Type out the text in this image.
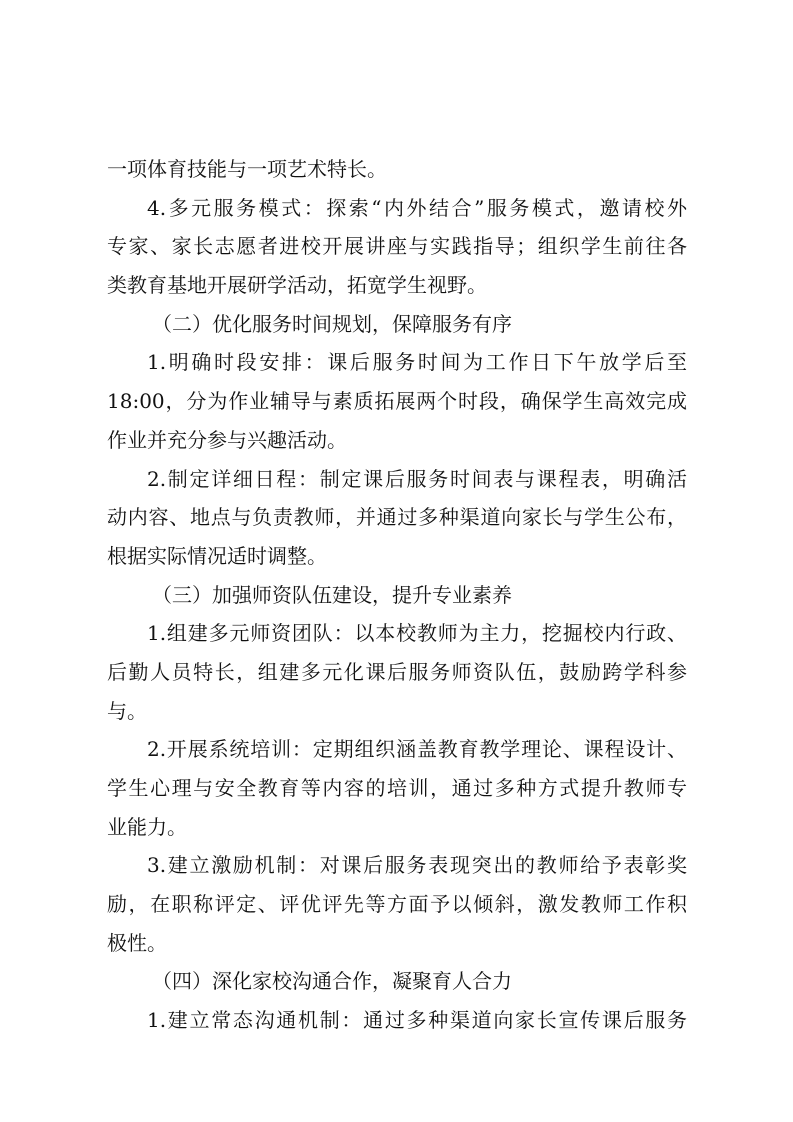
一项体育技能与一项艺术特长。
4.多元服务模式：探索“内外结合”服务模式，邀请校外
专家、家长志愿者进校开展讲座与实践指导；组织学生前往各
类教育基地开展研学活动，拓宽学生视野。
（二）优化服务时间规划，保障服务有序
1.明确时段安排：课后服务时间为工作日下午放学后至
18:00，分为作业辅导与素质拓展两个时段，确保学生高效完成
作业并充分参与兴趣活动。
2.制定详细日程：制定课后服务时间表与课程表，明确活
动内容、地点与负责教师，并通过多种渠道向家长与学生公布，
根据实际情况适时调整。
（三）加强师资队伍建设，提升专业素养
1.组建多元师资团队：以本校教师为主力，挖掘校内行政、
后勤人员特长，组建多元化课后服务师资队伍，鼓励跨学科参
与。
2.开展系统培训：定期组织涵盖教育教学理论、课程设计、
学生心理与安全教育等内容的培训，通过多种方式提升教师专
业能力。
3.建立激励机制：对课后服务表现突出的教师给予表彰奖
励，在职称评定、评优评先等方面予以倾斜，激发教师工作积
极性。
（四）深化家校沟通合作，凝聚育人合力
1.建立常态沟通机制：通过多种渠道向家长宣传课后服务
